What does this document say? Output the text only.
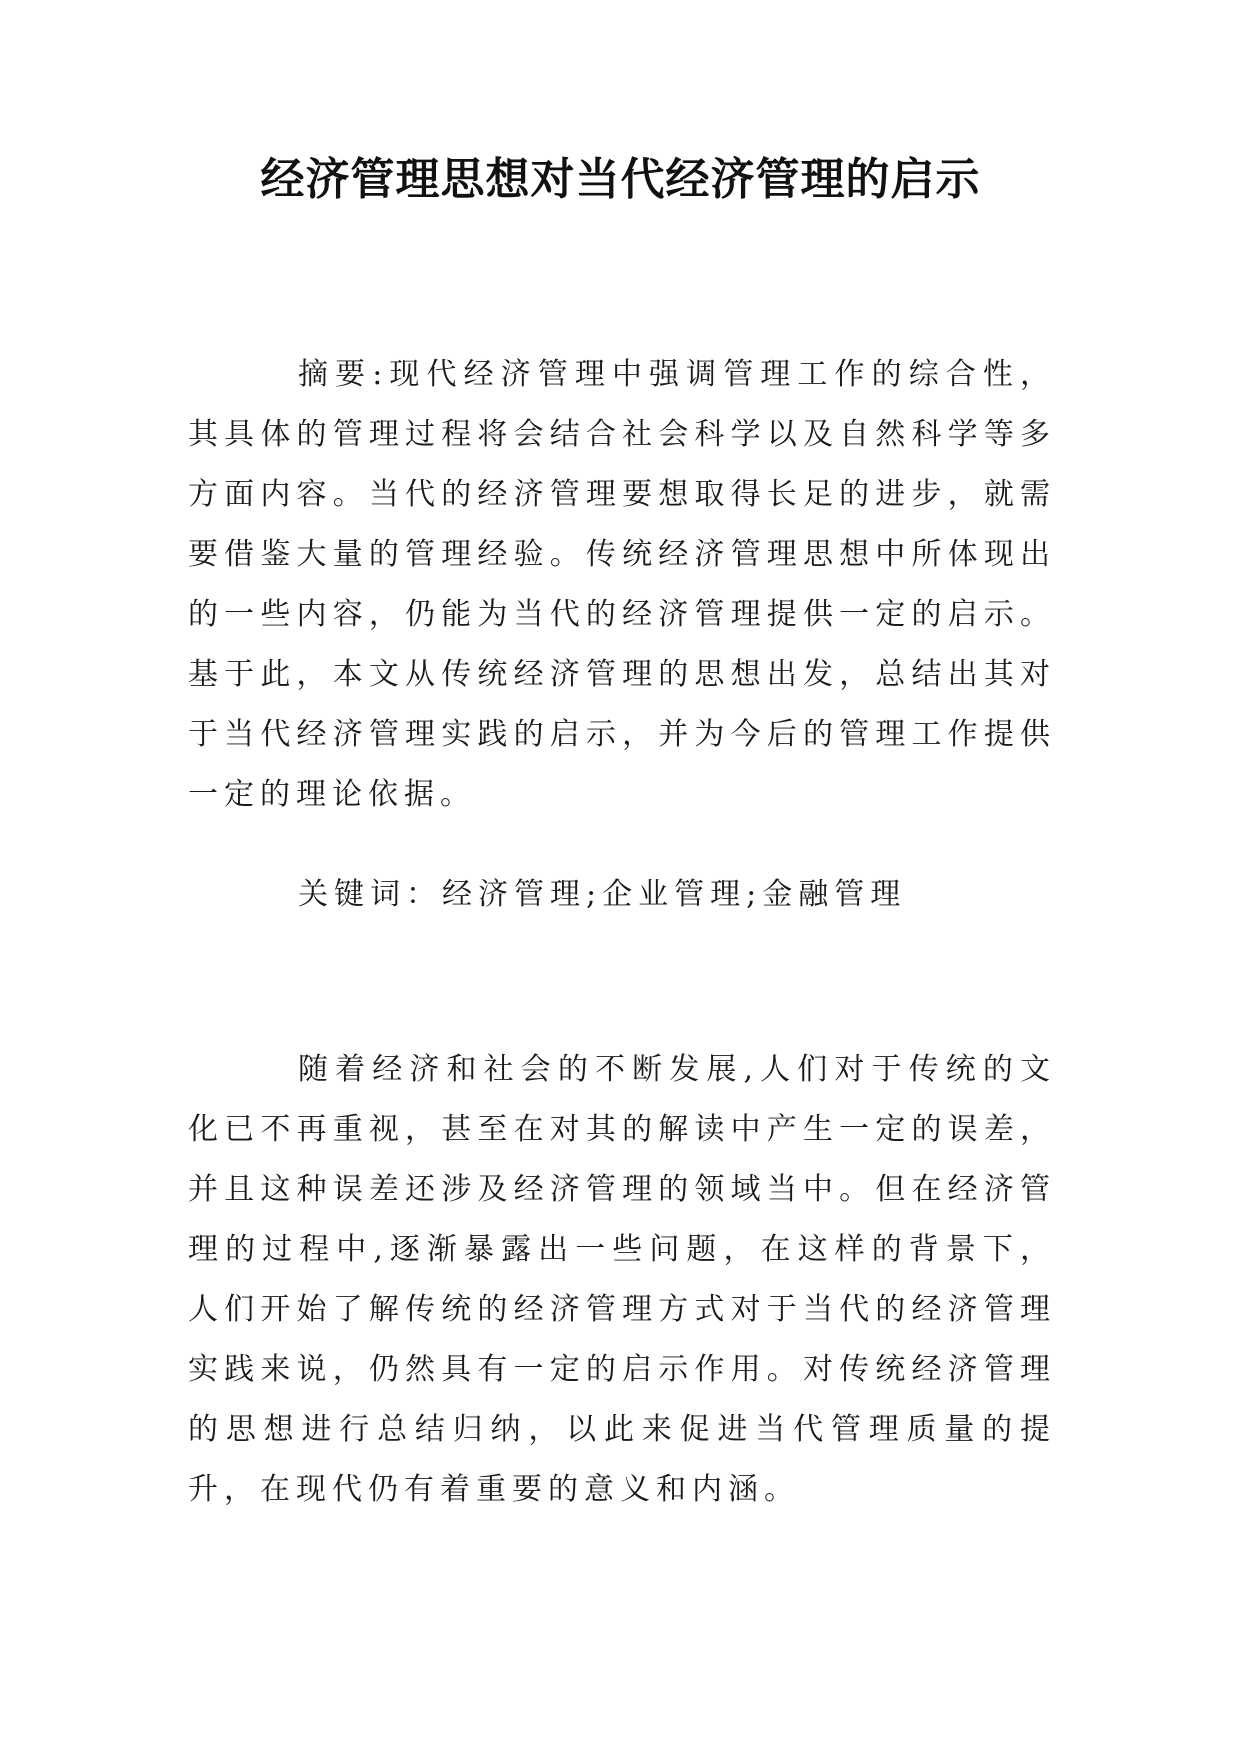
经济管理思想对当代经济管理的启示

摘要:现代经济管理中强调管理工作的综合性，其具体的管理过程将会结合社会科学以及自然科学等多方面内容。当代的经济管理要想取得长足的进步，就需要借鉴大量的管理经验。传统经济管理思想中所体现出的一些内容，仍能为当代的经济管理提供一定的启示。基于此，本文从传统经济管理的思想出发，总结出其对于当代经济管理实践的启示，并为今后的管理工作提供一定的理论依据。

关键词：经济管理;企业管理;金融管理

随着经济和社会的不断发展,人们对于传统的文化已不再重视，甚至在对其的解读中产生一定的误差，并且这种误差还涉及经济管理的领域当中。但在经济管理的过程中,逐渐暴露出一些问题，在这样的背景下，人们开始了解传统的经济管理方式对于当代的经济管理实践来说，仍然具有一定的启示作用。对传统经济管理的思想进行总结归纳，以此来促进当代管理质量的提升，在现代仍有着重要的意义和内涵。
